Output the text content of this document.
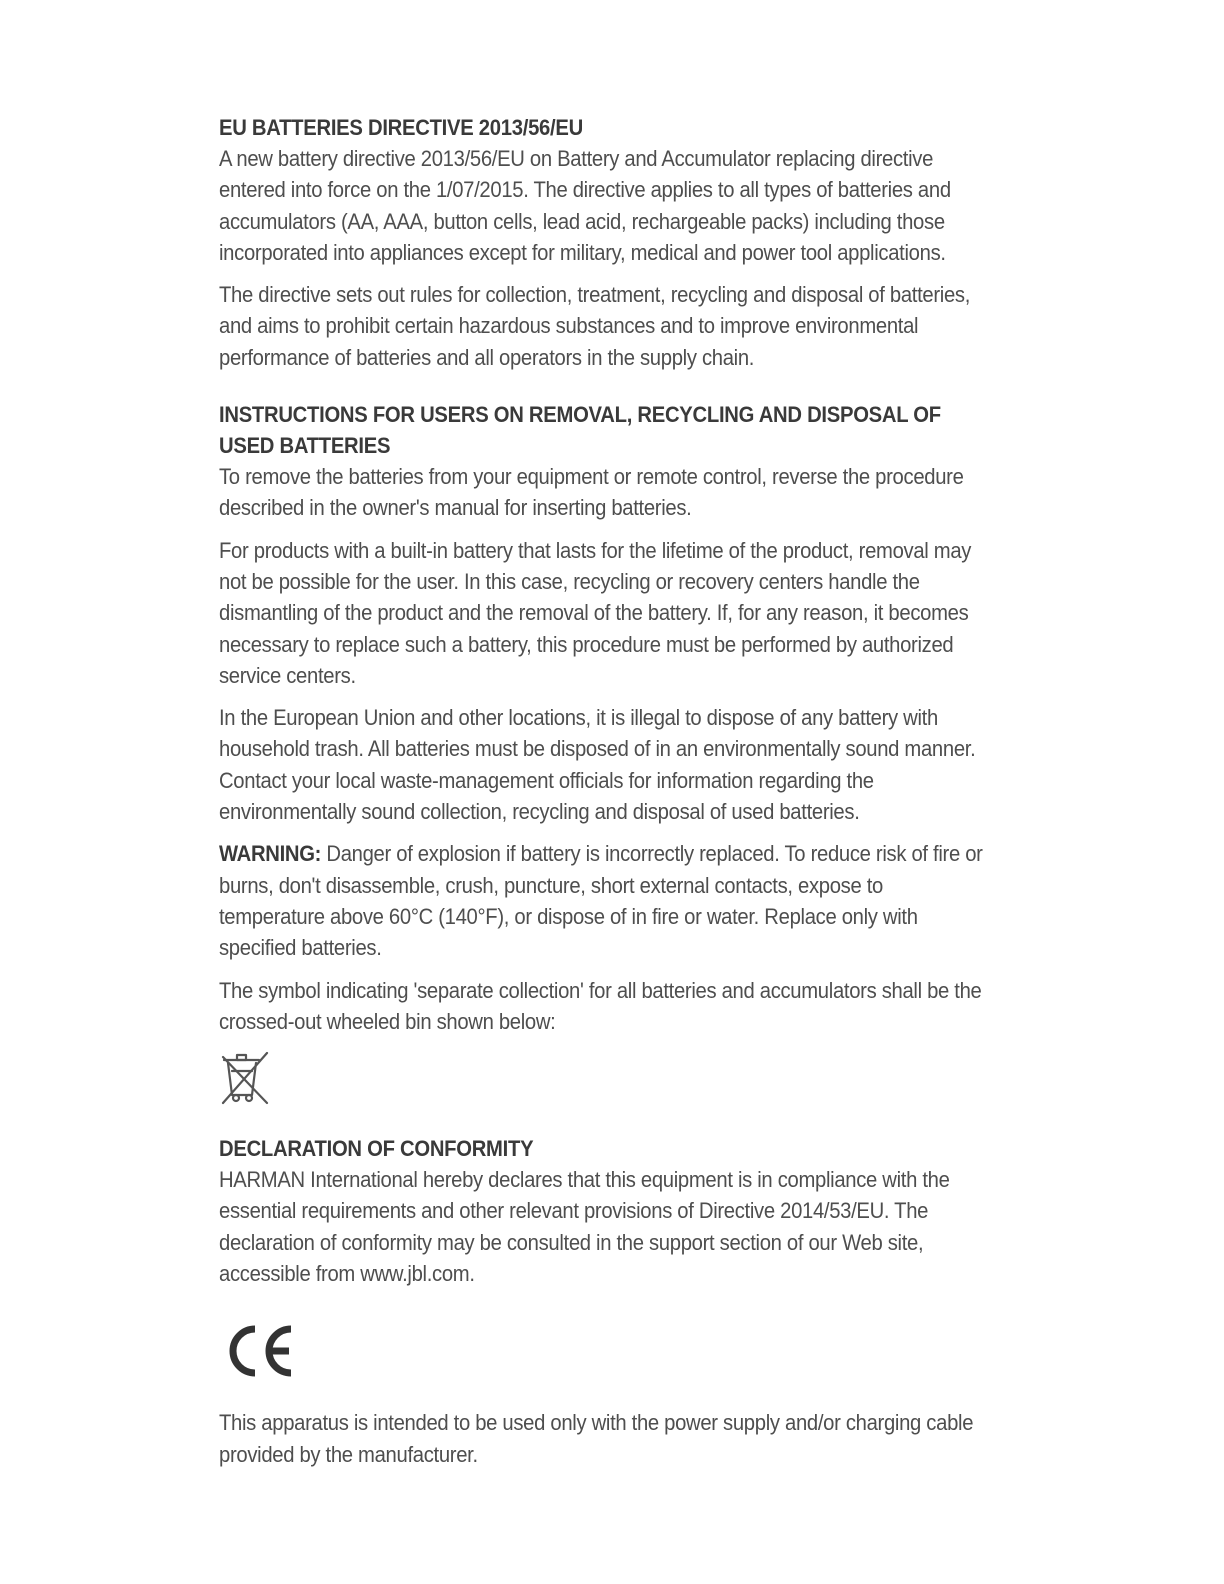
EU BATTERIES DIRECTIVE 2013/56/EU

A new battery directive 2013/56/EU on Battery and Accumulator replacing directive entered into force on the 1/07/2015. The directive applies to all types of batteries and accumulators (AA, AAA, button cells, lead acid, rechargeable packs) including those incorporated into appliances except for military, medical and power tool applications.

The directive sets out rules for collection, treatment, recycling and disposal of batteries, and aims to prohibit certain hazardous substances and to improve environmental performance of batteries and all operators in the supply chain.

INSTRUCTIONS FOR USERS ON REMOVAL, RECYCLING AND DISPOSAL OF USED BATTERIES

To remove the batteries from your equipment or remote control, reverse the procedure described in the owner's manual for inserting batteries.

For products with a built-in battery that lasts for the lifetime of the product, removal may not be possible for the user. In this case, recycling or recovery centers handle the dismantling of the product and the removal of the battery. If, for any reason, it becomes necessary to replace such a battery, this procedure must be performed by authorized service centers.

In the European Union and other locations, it is illegal to dispose of any battery with household trash. All batteries must be disposed of in an environmentally sound manner. Contact your local waste-management officials for information regarding the environmentally sound collection, recycling and disposal of used batteries.

WARNING: Danger of explosion if battery is incorrectly replaced. To reduce risk of fire or burns, don't disassemble, crush, puncture, short external contacts, expose to temperature above 60°C (140°F), or dispose of in fire or water. Replace only with specified batteries.

The symbol indicating 'separate collection' for all batteries and accumulators shall be the crossed-out wheeled bin shown below:

DECLARATION OF CONFORMITY

HARMAN International hereby declares that this equipment is in compliance with the essential requirements and other relevant provisions of Directive 2014/53/EU. The declaration of conformity may be consulted in the support section of our Web site, accessible from www.jbl.com.

This apparatus is intended to be used only with the power supply and/or charging cable provided by the manufacturer.
